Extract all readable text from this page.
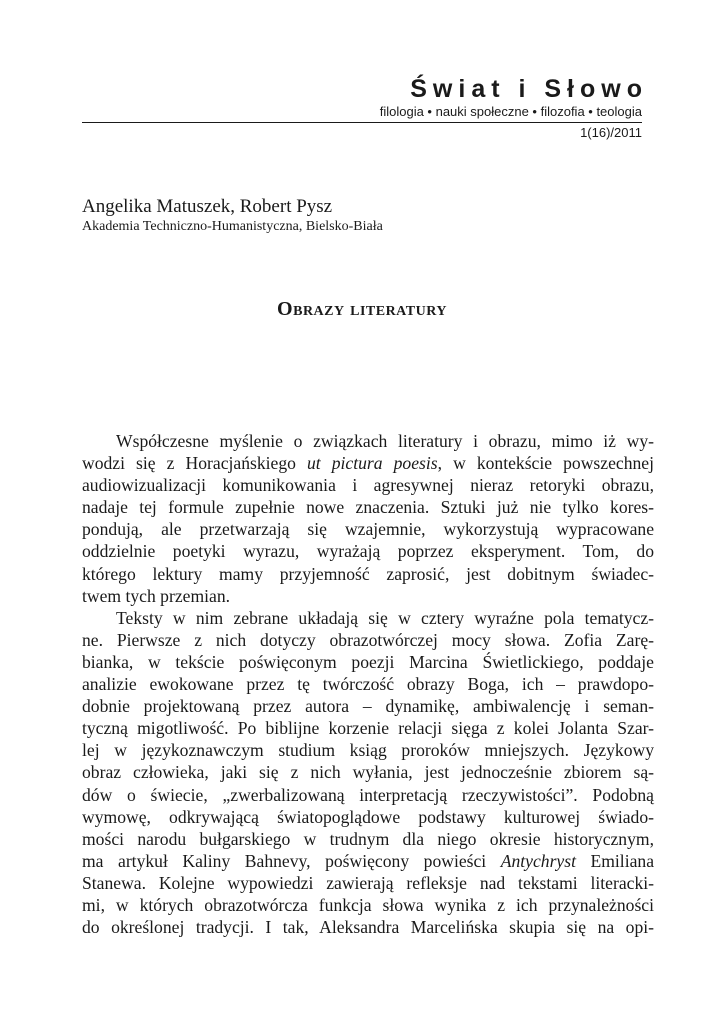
Świat i Słowo
filologia • nauki społeczne • filozofia • teologia
1(16)/2011
Angelika Matuszek, Robert Pysz
Akademia Techniczno-Humanistyczna, Bielsko-Biała
Obrazy literatury
Współczesne myślenie o związkach literatury i obrazu, mimo iż wy-
wodzi się z Horacjańskiego ut pictura poesis, w kontekście powszechnej
audiowizualizacji komunikowania i agresywnej nieraz retoryki obrazu,
nadaje tej formule zupełnie nowe znaczenia. Sztuki już nie tylko kores-
pondują, ale przetwarzają się wzajemnie, wykorzystują wypracowane
oddzielnie poetyki wyrazu, wyrażają poprzez eksperyment. Tom, do
którego lektury mamy przyjemność zaprosić, jest dobitnym świadec-
twem tych przemian.
Teksty w nim zebrane układają się w cztery wyraźne pola tematycz-
ne. Pierwsze z nich dotyczy obrazotwórczej mocy słowa. Zofia Zarę-
bianka, w tekście poświęconym poezji Marcina Świetlickiego, poddaje
analizie ewokowane przez tę twórczość obrazy Boga, ich – prawdopo-
dobnie projektowaną przez autora – dynamikę, ambiwalencję i seman-
tyczną migotliwość. Po biblijne korzenie relacji sięga z kolei Jolanta Szar-
lej w językoznawczym studium ksiąg proroków mniejszych. Językowy
obraz człowieka, jaki się z nich wyłania, jest jednocześnie zbiorem są-
dów o świecie, „zwerbalizowaną interpretacją rzeczywistości”. Podobną
wymowę, odkrywającą światopoglądowe podstawy kulturowej świado-
mości narodu bułgarskiego w trudnym dla niego okresie historycznym,
ma artykuł Kaliny Bahnevy, poświęcony powieści Antychryst Emiliana
Stanewa. Kolejne wypowiedzi zawierają refleksje nad tekstami literacki-
mi, w których obrazotwórcza funkcja słowa wynika z ich przynależności
do określonej tradycji. I tak, Aleksandra Marcelińska skupia się na opi-
